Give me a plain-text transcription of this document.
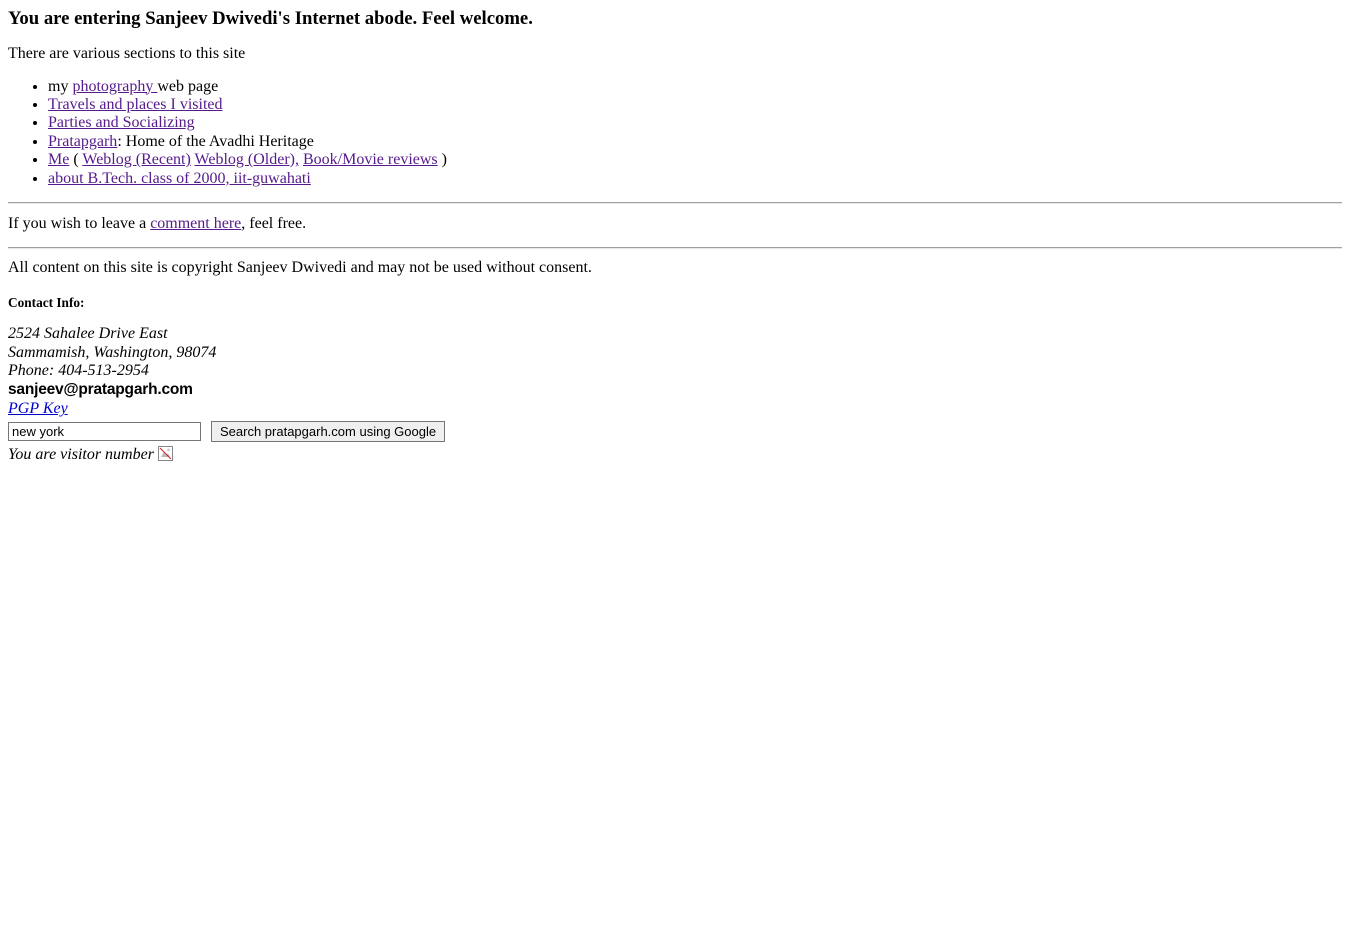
You are entering Sanjeev Dwivedi's Internet abode. Feel welcome.

There are various sections to this site

• my photography web page
• Travels and places I visited
• Parties and Socializing
• Pratapgarh: Home of the Avadhi Heritage
• Me ( Weblog (Recent) Weblog (Older), Book/Movie reviews )
• about B.Tech. class of 2000, iit-guwahati

If you wish to leave a comment here, feel free.

All content on this site is copyright Sanjeev Dwivedi and may not be used without consent.

Contact Info:

2524 Sahalee Drive East
Sammamish, Washington, 98074
Phone: 404-513-2954

sanjeev@pratapgarh.com
PGP Key
new york Search pratapgarh.com using Google

You are visitor number
